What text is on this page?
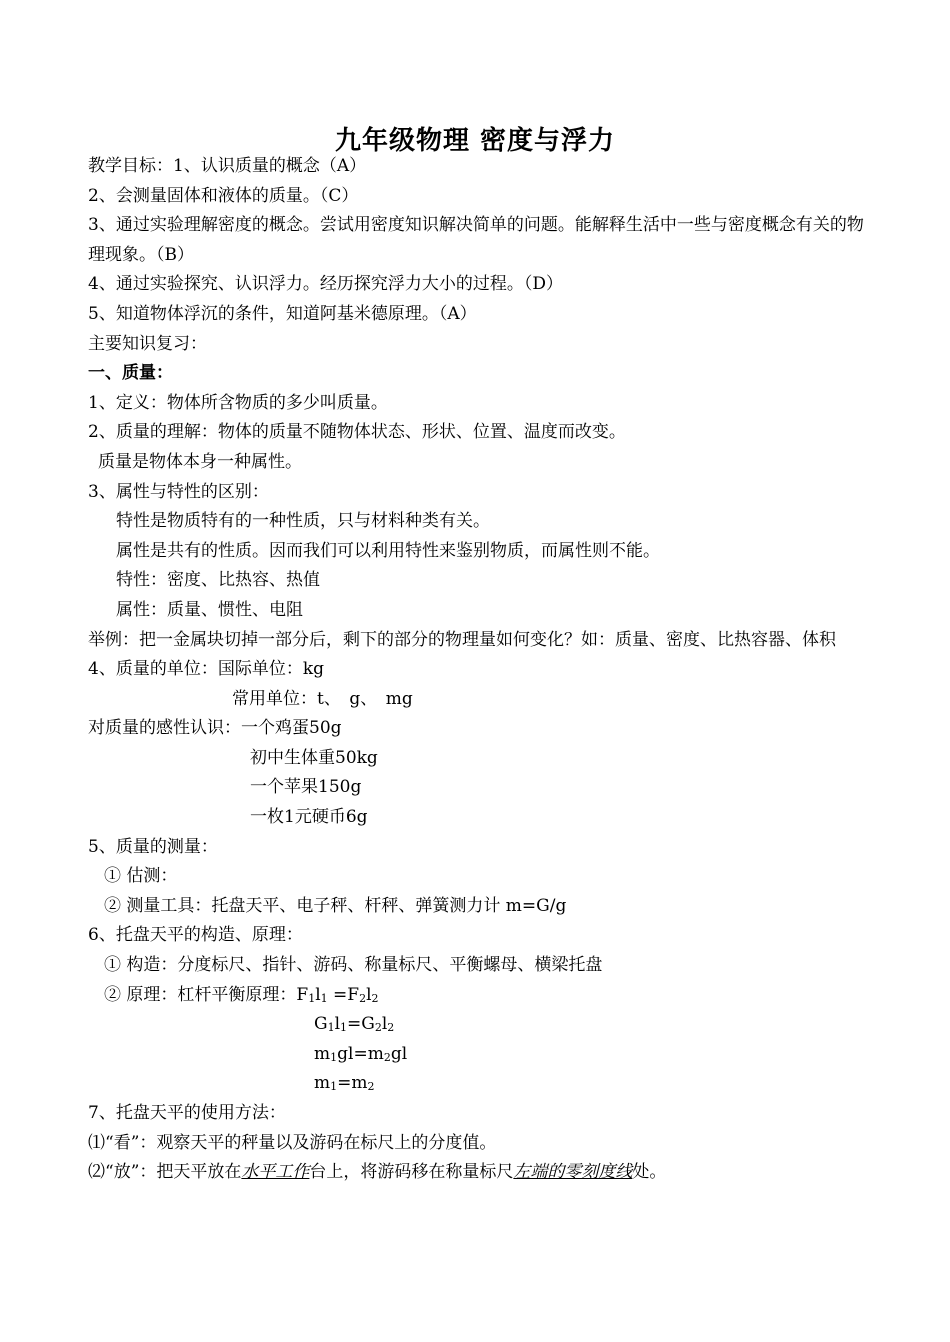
九年级物理 密度与浮力
教学目标：1、认识质量的概念（A）
2、会测量固体和液体的质量。（C）
3、通过实验理解密度的概念。尝试用密度知识解决简单的问题。能解释生活中一些与密度概念有关的物理现象。（B）
4、通过实验探究、认识浮力。经历探究浮力大小的过程。（D）
5、知道物体浮沉的条件，知道阿基米德原理。（A）
主要知识复习：
一、质量：
1、定义：物体所含物质的多少叫质量。
2、质量的理解：物体的质量不随物体状态、形状、位置、温度而改变。
质量是物体本身一种属性。
3、属性与特性的区别：
特性是物质特有的一种性质，只与材料种类有关。
属性是共有的性质。因而我们可以利用特性来鉴别物质，而属性则不能。
特性：密度、比热容、热值
属性：质量、惯性、电阻
举例：把一金属块切掉一部分后，剩下的部分的物理量如何变化？如：质量、密度、比热容器、体积
4、质量的单位：国际单位：kg
常用单位：t、　g、　mg
对质量的感性认识：一个鸡蛋50g
初中生体重50kg
一个苹果150g
一枚1元硬币6g
5、质量的测量：
① 估测：
② 测量工具：托盘天平、电子秤、杆秤、弹簧测力计 m=G/g
6、托盘天平的构造、原理：
① 构造：分度标尺、指针、游码、称量标尺、平衡螺母、横梁托盘
② 原理：杠杆平衡原理：$F_1l_1 =F_2l_2$
$G_1l_1=G_2l_2$
$m_1gl=m_2gl$
$m_1=m_2$
7、托盘天平的使用方法：
⑴“看”：观察天平的秤量以及游码在标尺上的分度值。
⑵“放”：把天平放在水平工作台上，将游码移在称量标尺左端的零刻度线处。
